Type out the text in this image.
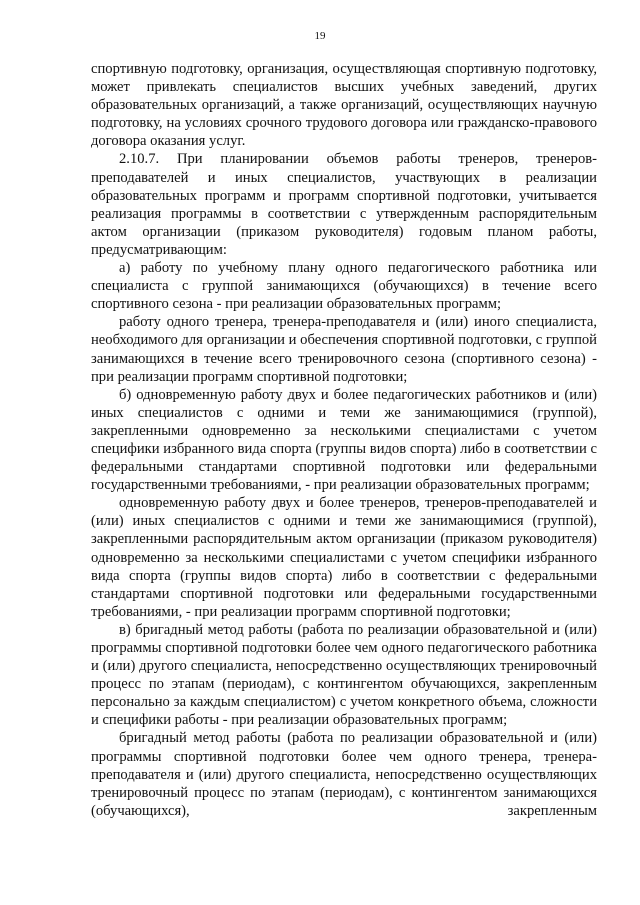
19

спортивную подготовку, организация, осуществляющая спортивную подготовку, может привлекать специалистов высших учебных заведений, других образовательных организаций, а также организаций, осуществляющих научную подготовку, на условиях срочного трудового договора или гражданско-правового договора оказания услуг.

2.10.7. При планировании объемов работы тренеров, тренеров-преподавателей и иных специалистов, участвующих в реализации образовательных программ и программ спортивной подготовки, учитывается реализация программы в соответствии с утвержденным распорядительным актом организации (приказом руководителя) годовым планом работы, предусматривающим:

а) работу по учебному плану одного педагогического работника или специалиста с группой занимающихся (обучающихся) в течение всего спортивного сезона - при реализации образовательных программ;

работу одного тренера, тренера-преподавателя и (или) иного специалиста, необходимого для организации и обеспечения спортивной подготовки, с группой занимающихся в течение всего тренировочного сезона (спортивного сезона) - при реализации программ спортивной подготовки;

б) одновременную работу двух и более педагогических работников и (или) иных специалистов с одними и теми же занимающимися (группой), закрепленными одновременно за несколькими специалистами с учетом специфики избранного вида спорта (группы видов спорта) либо в соответствии с федеральными стандартами спортивной подготовки или федеральными государственными требованиями, - при реализации образовательных программ;

одновременную работу двух и более тренеров, тренеров-преподавателей и (или) иных специалистов с одними и теми же занимающимися (группой), закрепленными распорядительным актом организации (приказом руководителя) одновременно за несколькими специалистами с учетом специфики избранного вида спорта (группы видов спорта) либо в соответствии с федеральными стандартами спортивной подготовки или федеральными государственными требованиями, - при реализации программ спортивной подготовки;

в) бригадный метод работы (работа по реализации образовательной и (или) программы спортивной подготовки более чем одного педагогического работника и (или) другого специалиста, непосредственно осуществляющих тренировочный процесс по этапам (периодам), с контингентом обучающихся, закрепленным персонально за каждым специалистом) с учетом конкретного объема, сложности и специфики работы - при реализации образовательных программ;

бригадный метод работы (работа по реализации образовательной и (или) программы спортивной подготовки более чем одного тренера, тренера-преподавателя и (или) другого специалиста, непосредственно осуществляющих тренировочный процесс по этапам (периодам), с контингентом занимающихся (обучающихся), закрепленным
